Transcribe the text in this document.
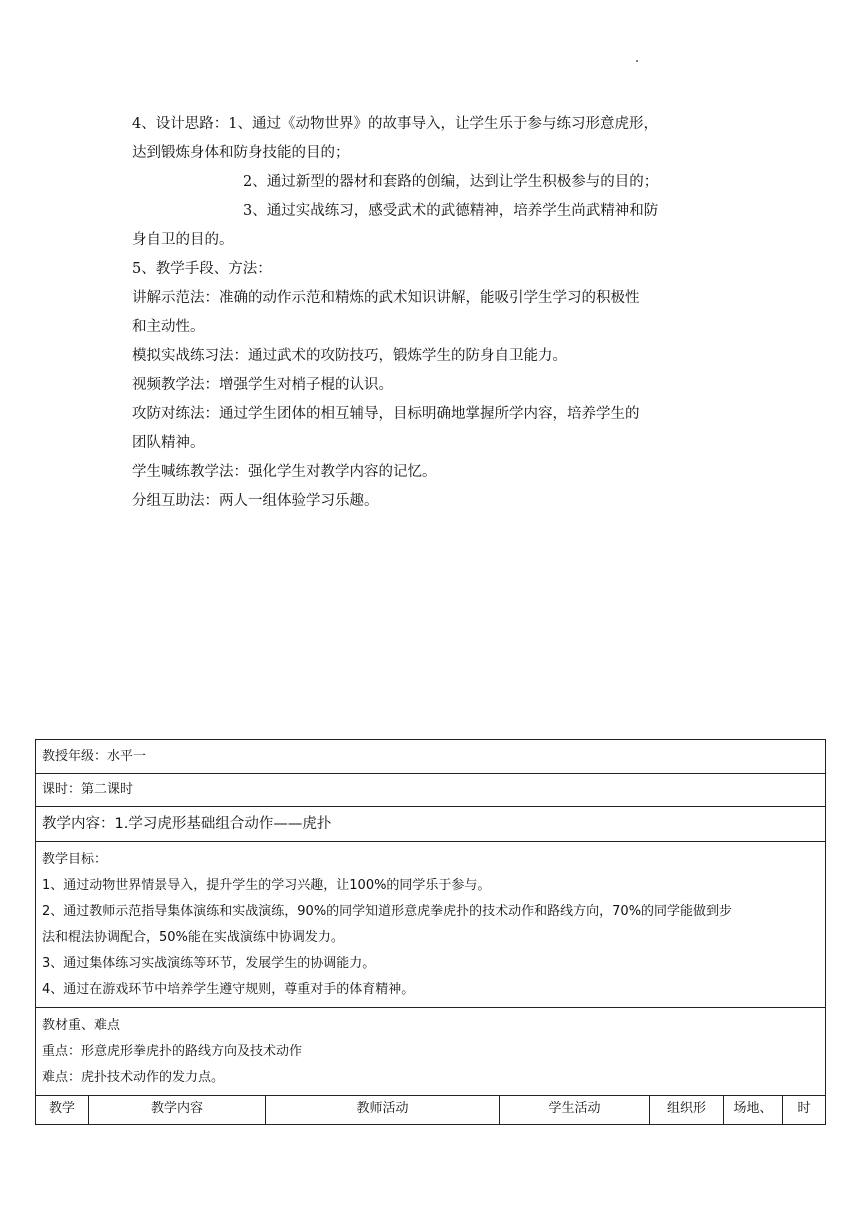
4、设计思路：1、通过《动物世界》的故事导入，让学生乐于参与练习形意虎形，

达到锻炼身体和防身技能的目的；

2、通过新型的器材和套路的创编，达到让学生积极参与的目的；

3、通过实战练习，感受武术的武德精神，培养学生尚武精神和防

身自卫的目的。

5、教学手段、方法：

讲解示范法：准确的动作示范和精炼的武术知识讲解，能吸引学生学习的积极性

和主动性。

模拟实战练习法：通过武术的攻防技巧，锻炼学生的防身自卫能力。

视频教学法：增强学生对梢子棍的认识。

攻防对练法：通过学生团体的相互辅导，目标明确地掌握所学内容，培养学生的

团队精神。

学生喊练教学法：强化学生对教学内容的记忆。

分组互助法：两人一组体验学习乐趣。

教授年级：水平一
课时：第二课时
教学内容：1.学习虎形基础组合动作——虎扑

教学目标：
1、通过动物世界情景导入，提升学生的学习兴趣，让100%的同学乐于参与。
2、通过教师示范指导集体演练和实战演练，90%的同学知道形意虎拳虎扑的技术动作和路线方向，70%的同学能做到步
法和棍法协调配合，50%能在实战演练中协调发力。
3、通过集体练习实战演练等环节，发展学生的协调能力。
4、通过在游戏环节中培养学生遵守规则，尊重对手的体育精神。

教材重、难点
重点：形意虎形拳虎扑的路线方向及技术动作
难点：虎扑技术动作的发力点。

教学	教学内容	教师活动	学生活动	组织形	场地、	时
